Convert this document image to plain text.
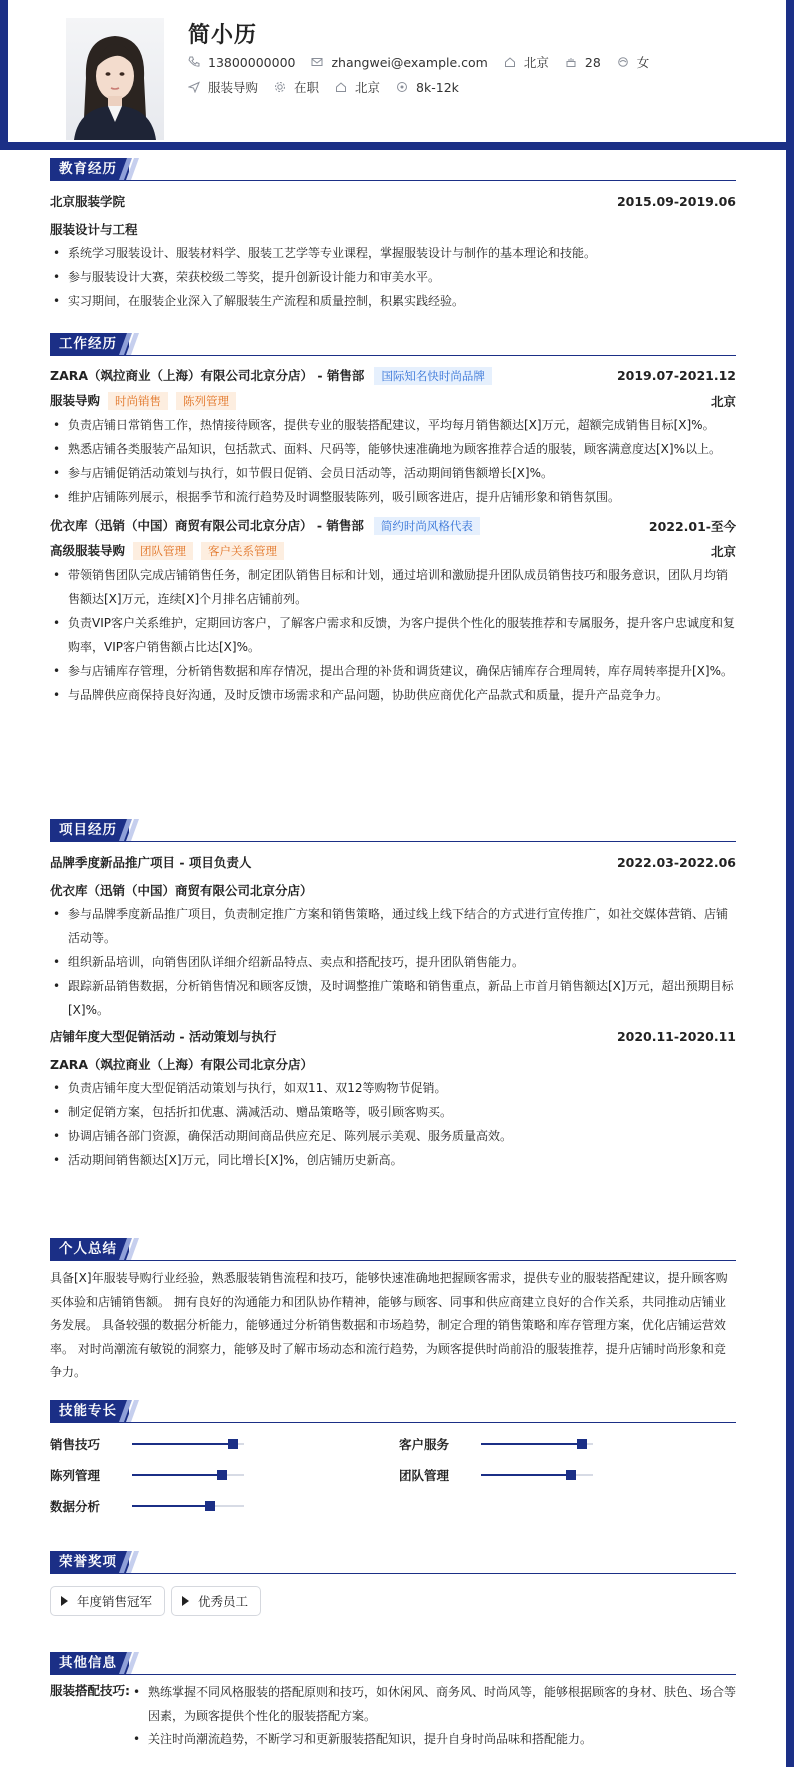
简小历
13800000000	zhangwei@example.com	北京	28	女
服装导购	在职	北京	8k-12k
教育经历
北京服装学院	2015.09-2019.06
服装设计与工程
• 系统学习服装设计、服装材料学、服装工艺学等专业课程，掌握服装设计与制作的基本理论和技能。
• 参与服装设计大赛，荣获校级二等奖，提升创新设计能力和审美水平。
• 实习期间，在服装企业深入了解服装生产流程和质量控制，积累实践经验。
工作经历
ZARA（飒拉商业（上海）有限公司北京分店） - 销售部 国际知名快时尚品牌	2019.07-2021.12
服装导购 时尚销售 陈列管理	北京
• 负责店铺日常销售工作，热情接待顾客，提供专业的服装搭配建议，平均每月销售额达[X]万元，超额完成销售目标[X]%。
• 熟悉店铺各类服装产品知识，包括款式、面料、尺码等，能够快速准确地为顾客推荐合适的服装，顾客满意度达[X]%以上。
• 参与店铺促销活动策划与执行，如节假日促销、会员日活动等，活动期间销售额增长[X]%。
• 维护店铺陈列展示，根据季节和流行趋势及时调整服装陈列，吸引顾客进店，提升店铺形象和销售氛围。
优衣库（迅销（中国）商贸有限公司北京分店） - 销售部 简约时尚风格代表	2022.01-至今
高级服装导购 团队管理 客户关系管理	北京
• 带领销售团队完成店铺销售任务，制定团队销售目标和计划，通过培训和激励提升团队成员销售技巧和服务意识，团队月均销售额达[X]万元，连续[X]个月排名店铺前列。
• 负责VIP客户关系维护，定期回访客户，了解客户需求和反馈，为客户提供个性化的服装推荐和专属服务，提升客户忠诚度和复购率，VIP客户销售额占比达[X]%。
• 参与店铺库存管理，分析销售数据和库存情况，提出合理的补货和调货建议，确保店铺库存合理周转，库存周转率提升[X]%。
• 与品牌供应商保持良好沟通，及时反馈市场需求和产品问题，协助供应商优化产品款式和质量，提升产品竞争力。
项目经历
品牌季度新品推广项目 - 项目负责人	2022.03-2022.06
优衣库（迅销（中国）商贸有限公司北京分店）
• 参与品牌季度新品推广项目，负责制定推广方案和销售策略，通过线上线下结合的方式进行宣传推广，如社交媒体营销、店铺活动等。
• 组织新品培训，向销售团队详细介绍新品特点、卖点和搭配技巧，提升团队销售能力。
• 跟踪新品销售数据，分析销售情况和顾客反馈，及时调整推广策略和销售重点，新品上市首月销售额达[X]万元，超出预期目标[X]%。
店铺年度大型促销活动 - 活动策划与执行	2020.11-2020.11
ZARA（飒拉商业（上海）有限公司北京分店）
• 负责店铺年度大型促销活动策划与执行，如双11、双12等购物节促销。
• 制定促销方案，包括折扣优惠、满减活动、赠品策略等，吸引顾客购买。
• 协调店铺各部门资源，确保活动期间商品供应充足、陈列展示美观、服务质量高效。
• 活动期间销售额达[X]万元，同比增长[X]%，创店铺历史新高。
个人总结
具备[X]年服装导购行业经验，熟悉服装销售流程和技巧，能够快速准确地把握顾客需求，提供专业的服装搭配建议，提升顾客购买体验和店铺销售额。 拥有良好的沟通能力和团队协作精神，能够与顾客、同事和供应商建立良好的合作关系，共同推动店铺业务发展。 具备较强的数据分析能力，能够通过分析销售数据和市场趋势，制定合理的销售策略和库存管理方案，优化店铺运营效率。 对时尚潮流有敏锐的洞察力，能够及时了解市场动态和流行趋势，为顾客提供时尚前沿的服装推荐，提升店铺时尚形象和竞争力。
技能专长
销售技巧	客户服务
陈列管理	团队管理
数据分析
荣誉奖项
年度销售冠军	优秀员工
其他信息
服装搭配技巧:
•	熟练掌握不同风格服装的搭配原则和技巧，如休闲风、商务风、时尚风等，能够根据顾客的身材、肤色、场合等因素，为顾客提供个性化的服装搭配方案。
• 关注时尚潮流趋势，不断学习和更新服装搭配知识，提升自身时尚品味和搭配能力。
